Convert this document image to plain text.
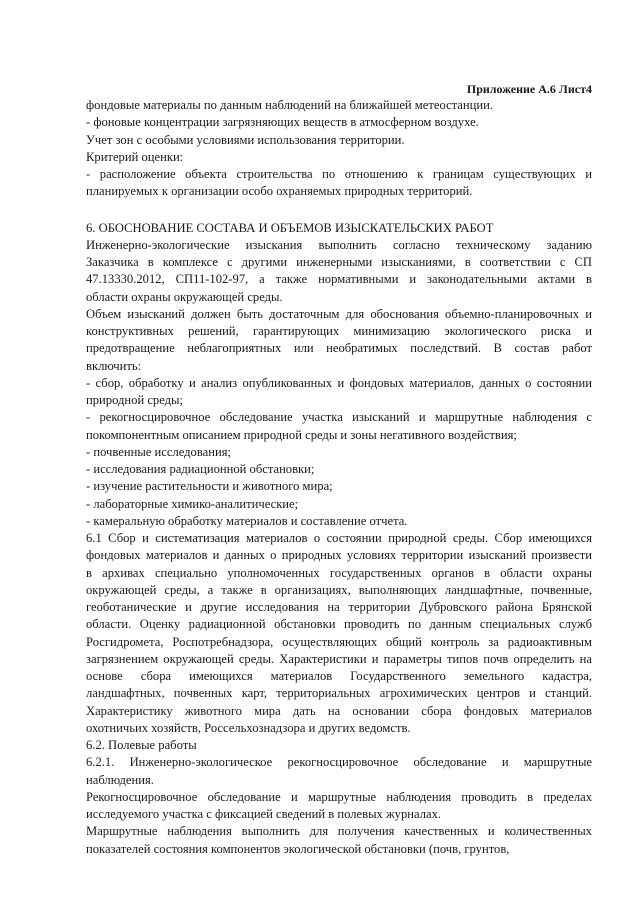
Приложение А.6 Лист4

фондовые материалы по данным наблюдений на ближайшей метеостанции.

- фоновые концентрации загрязняющих веществ в атмосферном воздухе.

Учет зон с особыми условиями использования территории.

Критерий оценки:

- расположение объекта строительства по отношению к границам существующих и

планируемых к организации особо охраняемых природных территорий.

6. ОБОСНОВАНИЕ СОСТАВА И ОБЪЕМОВ ИЗЫСКАТЕЛЬСКИХ РАБОТ

Инженерно-экологические изыскания выполнить согласно техническому заданию

Заказчика в комплексе с другими инженерными изысканиями, в соответствии с СП

47.13330.2012, СП11-102-97, а также нормативными и законодательными актами в

области охраны окружающей среды.

Объем изысканий должен быть достаточным для обоснования объемно-планировочных и

конструктивных решений, гарантирующих минимизацию экологического риска и

предотвращение неблагоприятных или необратимых последствий. В состав работ

включить:

- сбор, обработку и анализ опубликованных и фондовых материалов, данных о состоянии

природной среды;

- рекогносцировочное обследование участка изысканий и маршрутные наблюдения с

покомпонентным описанием природной среды и зоны негативного воздействия;

- почвенные исследования;

- исследования радиационной обстановки;

- изучение растительности и животного мира;

- лабораторные химико-аналитические;

- камеральную обработку материалов и составление отчета.

6.1 Сбор и систематизация материалов о состоянии природной среды. Сбор имеющихся

фондовых материалов и данных о природных условиях территории изысканий произвести

в архивах специально уполномоченных государственных органов в области охраны

окружающей среды, а также в организациях, выполняющих ландшафтные, почвенные,

геоботанические и другие исследования на территории Дубровского района Брянской

области. Оценку радиационной обстановки проводить по данным специальных служб

Росгидромета, Роспотребнадзора, осуществляющих общий контроль за радиоактивным

загрязнением окружающей среды. Характеристики и параметры типов почв определить на

основе сбора имеющихся материалов Государственного земельного кадастра,

ландшафтных, почвенных карт, территориальных агрохимических центров и станций.

Характеристику животного мира дать на основании сбора фондовых материалов

охотничьих хозяйств, Россельхознадзора и других ведомств.

6.2. Полевые работы

6.2.1. Инженерно-экологическое рекогносцировочное обследование и маршрутные

наблюдения.

Рекогносцировочное обследование и маршрутные наблюдения проводить в пределах

исследуемого участка с фиксацией сведений в полевых журналах.

Маршрутные наблюдения выполнить для получения качественных и количественных

показателей состояния компонентов экологической обстановки (почв, грунтов,
